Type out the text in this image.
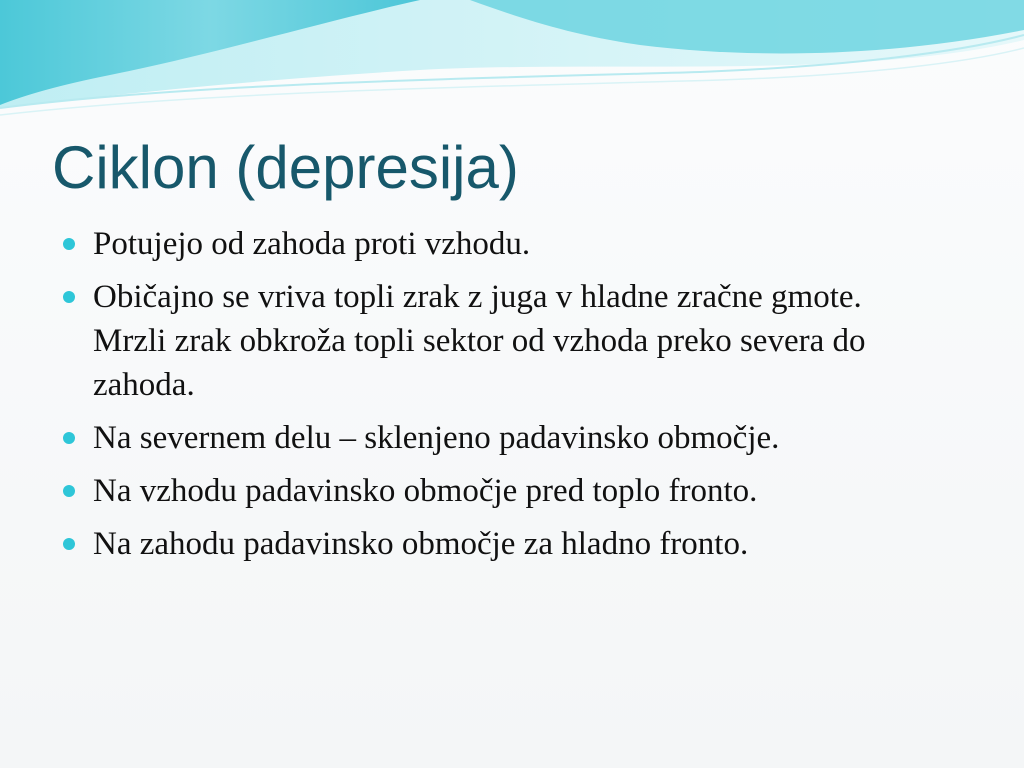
Ciklon (depresija)
Potujejo od zahoda proti vzhodu.
Običajno se vriva topli zrak z juga v hladne zračne gmote. Mrzli zrak obkroža topli sektor od vzhoda preko severa do zahoda.
Na severnem delu – sklenjeno padavinsko območje.
Na vzhodu padavinsko območje pred toplo fronto.
Na zahodu padavinsko območje za hladno fronto.
